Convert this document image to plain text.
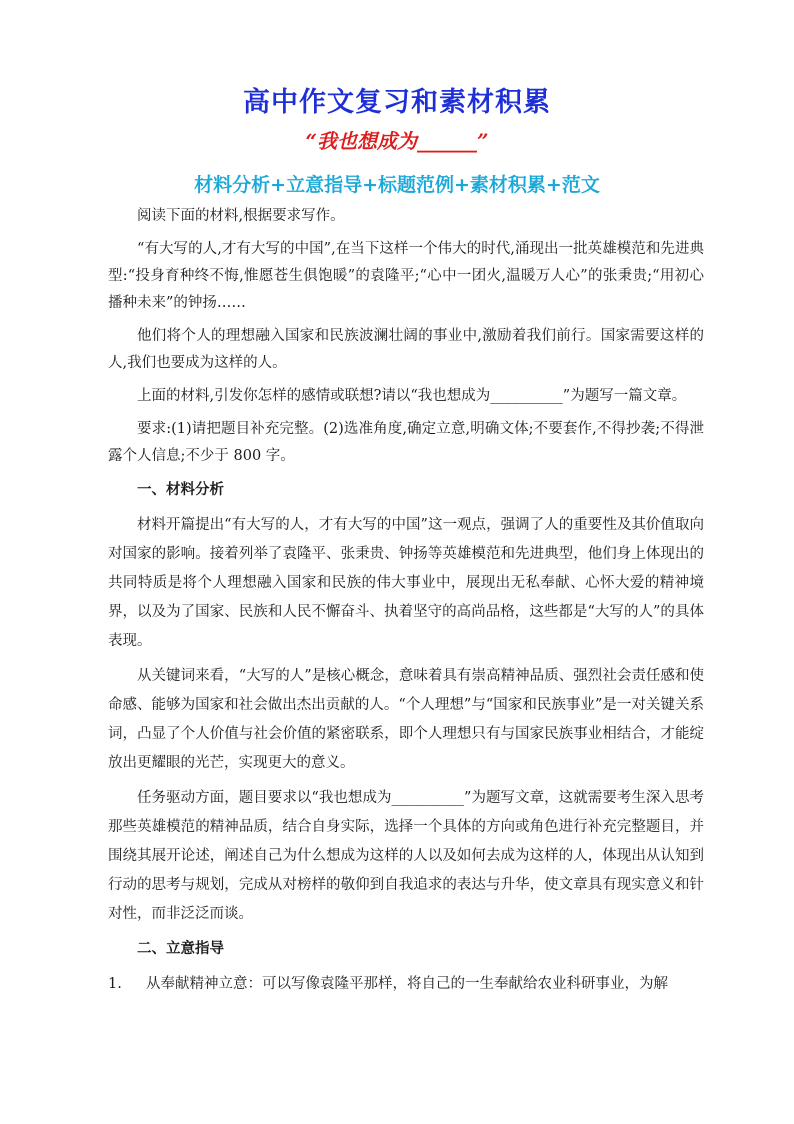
高中作文复习和素材积累

“我也想成为______”

材料分析+立意指导+标题范例+素材积累+范文

阅读下面的材料,根据要求写作。

“有大写的人,才有大写的中国”,在当下这样一个伟大的时代,涌现出一批英雄模范和先进典型:“投身育种终不悔,惟愿苍生俱饱暖”的袁隆平;“心中一团火,温暖万人心”的张秉贵;“用初心播种未来”的钟扬……

他们将个人的理想融入国家和民族波澜壮阔的事业中,激励着我们前行。国家需要这样的人,我们也要成为这样的人。

上面的材料,引发你怎样的感情或联想?请以“我也想成为__________”为题写一篇文章。

要求:(1)请把题目补充完整。(2)选准角度,确定立意,明确文体;不要套作,不得抄袭;不得泄露个人信息;不少于 800 字。

一、材料分析

材料开篇提出“有大写的人，才有大写的中国”这一观点，强调了人的重要性及其价值取向对国家的影响。接着列举了袁隆平、张秉贵、钟扬等英雄模范和先进典型，他们身上体现出的共同特质是将个人理想融入国家和民族的伟大事业中，展现出无私奉献、心怀大爱的精神境界，以及为了国家、民族和人民不懈奋斗、执着坚守的高尚品格，这些都是“大写的人”的具体表现。

从关键词来看，“大写的人”是核心概念，意味着具有崇高精神品质、强烈社会责任感和使命感、能够为国家和社会做出杰出贡献的人。“个人理想”与“国家和民族事业”是一对关键关系词，凸显了个人价值与社会价值的紧密联系，即个人理想只有与国家民族事业相结合，才能绽放出更耀眼的光芒，实现更大的意义。

任务驱动方面，题目要求以“我也想成为__________”为题写文章，这就需要考生深入思考那些英雄模范的精神品质，结合自身实际，选择一个具体的方向或角色进行补充完整题目，并围绕其展开论述，阐述自己为什么想成为这样的人以及如何去成为这样的人，体现出从认知到行动的思考与规划，完成从对榜样的敬仰到自我追求的表达与升华，使文章具有现实意义和针对性，而非泛泛而谈。

二、立意指导
1.	从奉献精神立意：可以写像袁隆平那样，将自己的一生奉献给农业科研事业，为解
